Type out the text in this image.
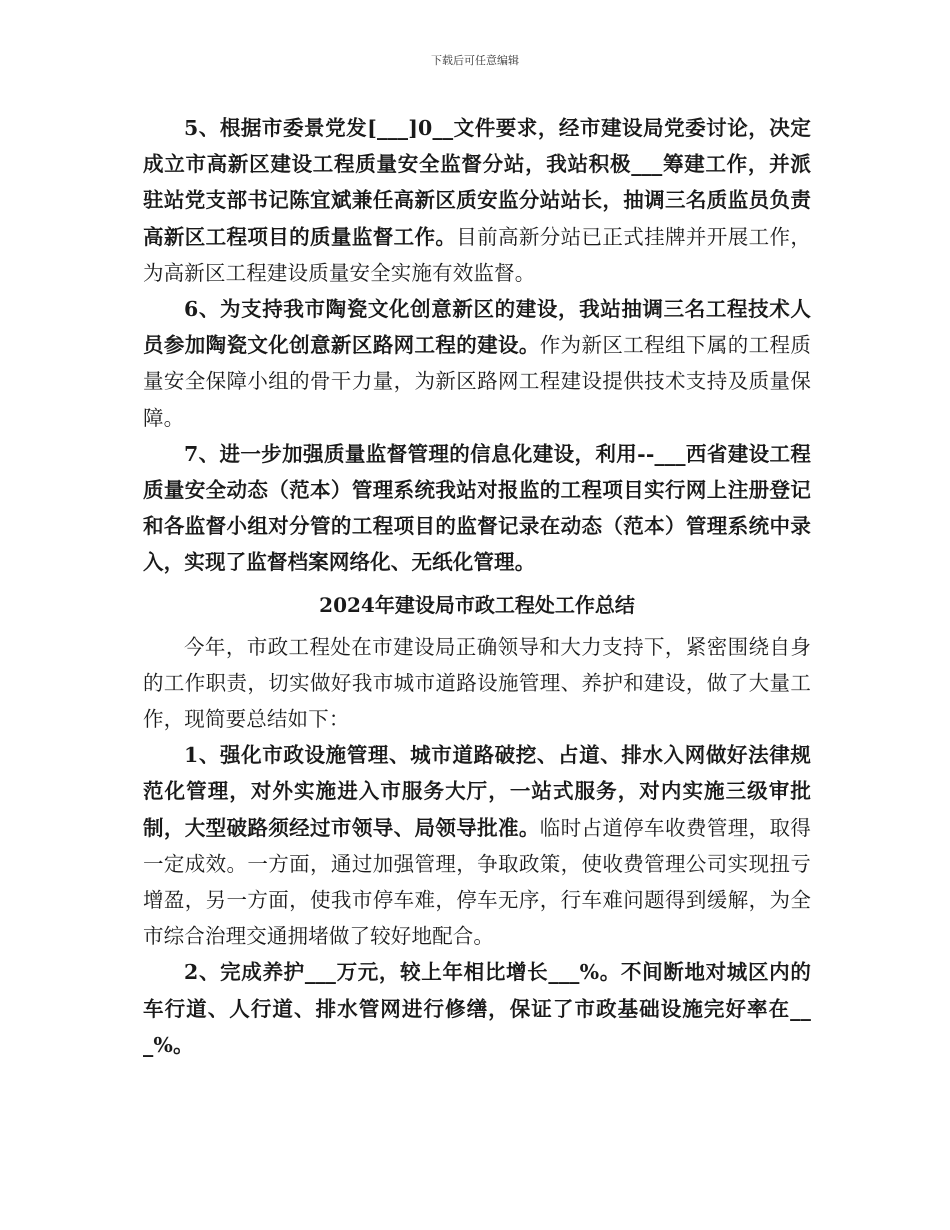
下载后可任意编辑

5、根据市委景党发[___]0__文件要求，经市建设局党委讨论，决定成立市高新区建设工程质量安全监督分站，我站积极___筹建工作，并派驻站党支部书记陈宜斌兼任高新区质安监分站站长，抽调三名质监员负责高新区工程项目的质量监督工作。目前高新分站已正式挂牌并开展工作，为高新区工程建设质量安全实施有效监督。

6、为支持我市陶瓷文化创意新区的建设，我站抽调三名工程技术人员参加陶瓷文化创意新区路网工程的建设。作为新区工程组下属的工程质量安全保障小组的骨干力量，为新区路网工程建设提供技术支持及质量保障。

7、进一步加强质量监督管理的信息化建设，利用--___西省建设工程质量安全动态（范本）管理系统我站对报监的工程项目实行网上注册登记和各监督小组对分管的工程项目的监督记录在动态（范本）管理系统中录入，实现了监督档案网络化、无纸化管理。

2024年建设局市政工程处工作总结

今年，市政工程处在市建设局正确领导和大力支持下，紧密围绕自身的工作职责，切实做好我市城市道路设施管理、养护和建设，做了大量工作，现简要总结如下：

1、强化市政设施管理、城市道路破挖、占道、排水入网做好法律规范化管理，对外实施进入市服务大厅，一站式服务，对内实施三级审批制，大型破路须经过市领导、局领导批准。临时占道停车收费管理，取得一定成效。一方面，通过加强管理，争取政策，使收费管理公司实现扭亏增盈，另一方面，使我市停车难，停车无序，行车难问题得到缓解，为全市综合治理交通拥堵做了较好地配合。

2、完成养护___万元，较上年相比增长___%。不间断地对城区内的车行道、人行道、排水管网进行修缮，保证了市政基础设施完好率在___%。
